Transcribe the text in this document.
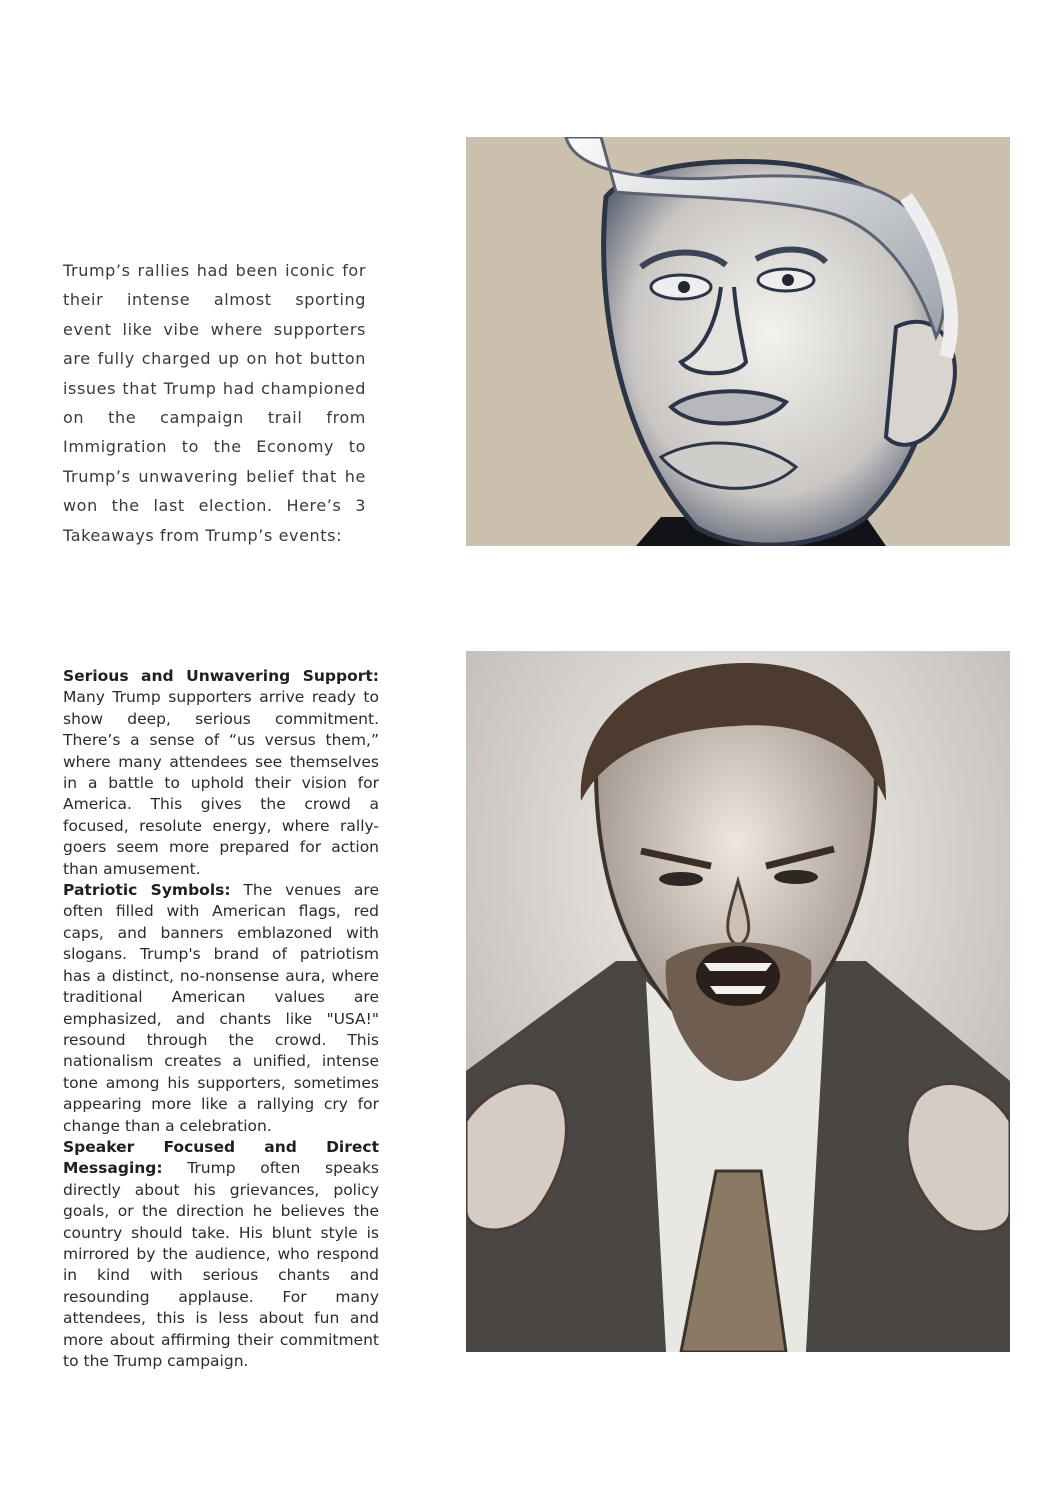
Trump’s rallies had been iconic for their intense almost sporting event like vibe where supporters are fully charged up on hot button issues that Trump had championed on the campaign trail from Immigration to the Economy to Trump’s unwavering belief that he won the last election. Here’s 3 Takeaways from Trump’s events:

Serious and Unwavering Support: Many Trump supporters arrive ready to show deep, serious commitment. There’s a sense of “us versus them,” where many attendees see themselves in a battle to uphold their vision for America. This gives the crowd a focused, resolute energy, where rally-goers seem more prepared for action than amusement.

Patriotic Symbols: The venues are often filled with American flags, red caps, and banners emblazoned with slogans. Trump's brand of patriotism has a distinct, no-nonsense aura, where traditional American values are emphasized, and chants like "USA!" resound through the crowd. This nationalism creates a unified, intense tone among his supporters, sometimes appearing more like a rallying cry for change than a celebration.

Speaker Focused and Direct Messaging: Trump often speaks directly about his grievances, policy goals, or the direction he believes the country should take. His blunt style is mirrored by the audience, who respond in kind with serious chants and resounding applause. For many attendees, this is less about fun and more about affirming their commitment to the Trump campaign.
